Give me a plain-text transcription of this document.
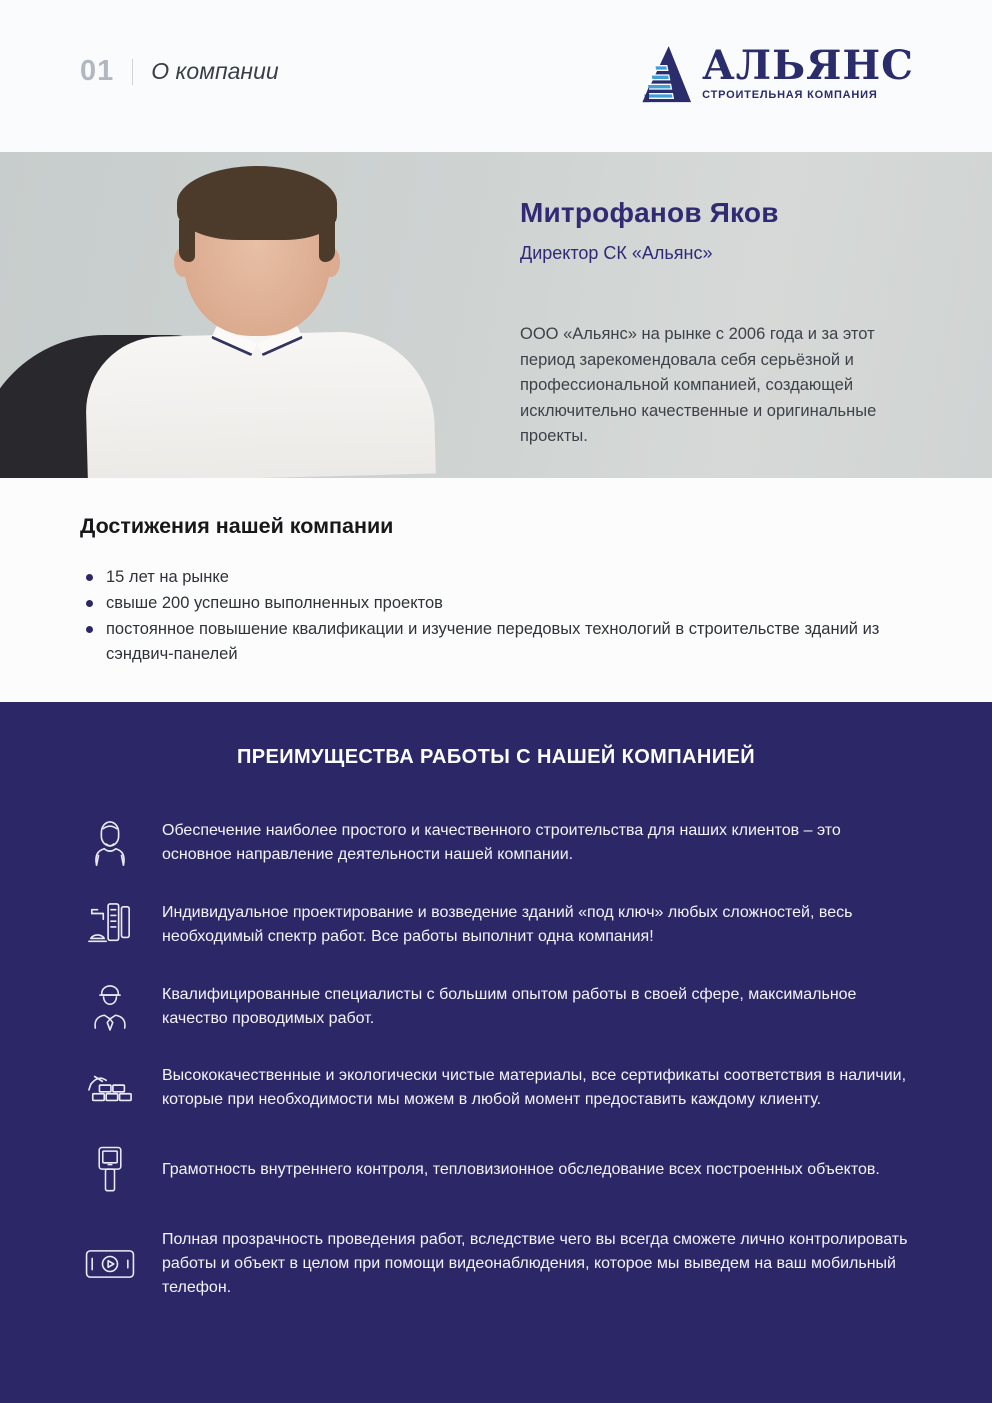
01 О компании	АЛЬЯНС
СТРОИТЕЛЬНАЯ КОМПАНИЯ
Митрофанов Яков
Директор СК «Альянс»
ООО «Альянс» на рынке с 2006 года и за этот период зарекомендовала себя серьёзной и профессиональной компанией, создающей исключительно качественные и оригинальные проекты.
Достижения нашей компании
15 лет на рынке
свыше 200 успешно выполненных проектов
постоянное повышение квалификации и изучение передовых технологий в строительстве зданий из сэндвич-панелей
ПРЕИМУЩЕСТВА РАБОТЫ С НАШЕЙ КОМПАНИЕЙ
Обеспечение наиболее простого и качественного строительства для наших клиентов – это основное направление деятельности нашей компании.
Индивидуальное проектирование и возведение зданий «под ключ» любых сложностей, весь необходимый спектр работ. Все работы выполнит одна компания!
Квалифицированные специалисты с большим опытом работы в своей сфере, максимальное качество проводимых работ.
Высококачественные и экологически чистые материалы, все сертификаты соответствия в наличии, которые при необходимости мы можем в любой момент предоставить каждому клиенту.
Грамотность внутреннего контроля, тепловизионное обследование всех построенных объектов.
Полная прозрачность проведения работ, вследствие чего вы всегда сможете лично контролировать работы и объект в целом при помощи видеонаблюдения, которое мы выведем на ваш мобильный телефон.
